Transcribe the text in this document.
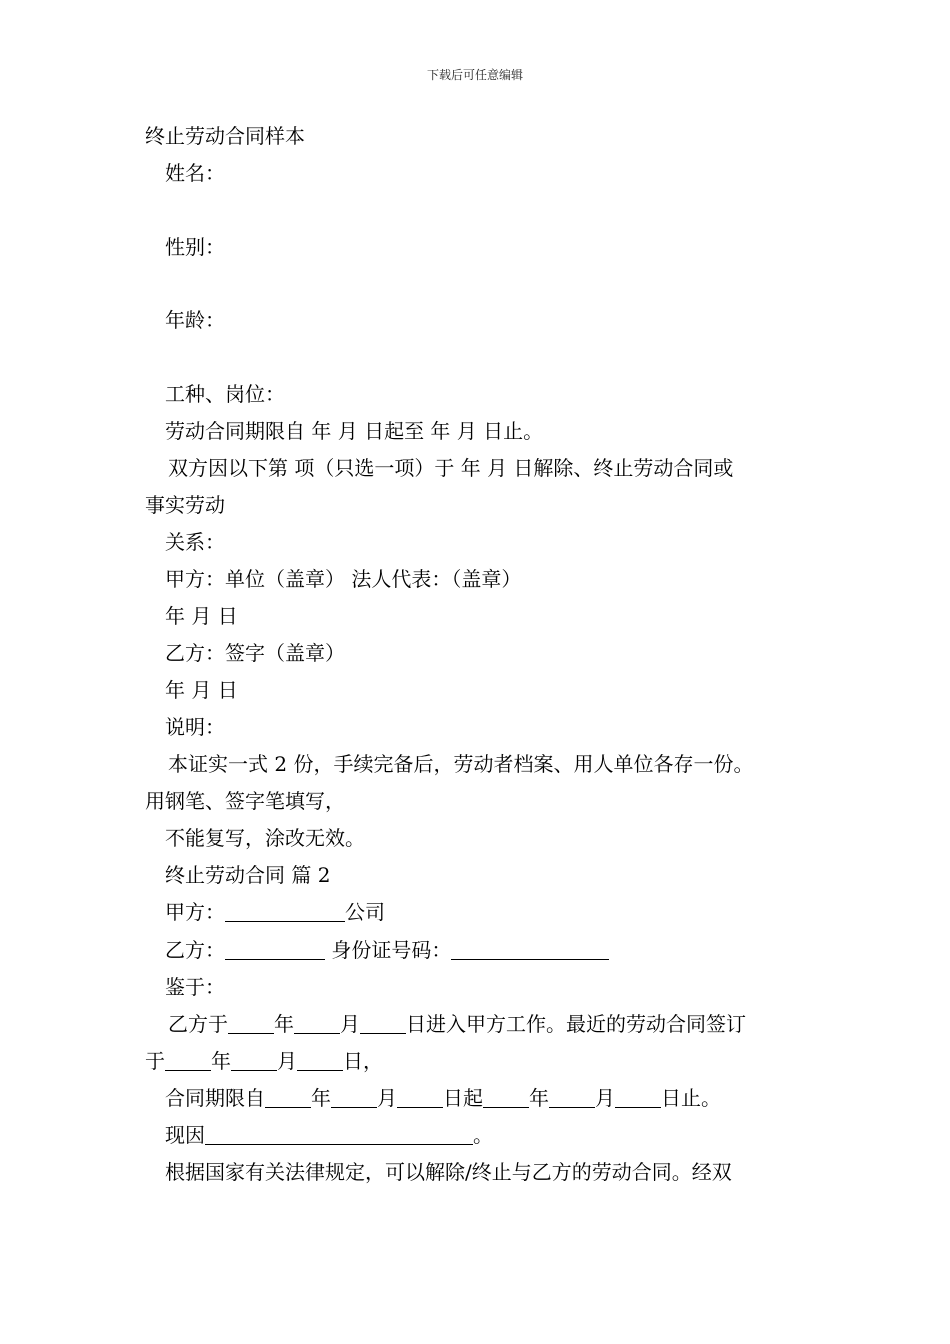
下载后可任意编辑
终止劳动合同样本
姓名：
性别：
年龄：
工种、岗位：
劳动合同期限自 年 月 日起至 年 月 日止。
双方因以下第 项（只选一项）于 年 月 日解除、终止劳动合同或
事实劳动
关系：
甲方：单位（盖章） 法人代表：（盖章）
年 月 日
乙方：签字（盖章）
年 月 日
说明：
本证实一式 2 份，手续完备后，劳动者档案、用人单位各存一份。
用钢笔、签字笔填写，
不能复写，涂改无效。
终止劳动合同 篇 2
甲方：	公司
乙方：	身份证号码：
鉴于：
乙方于 年 月 日进入甲方工作。最近的劳动合同签订
于 年 月 日，
合同期限自 年 月 日起 年 月 日止。
现因	。
根据国家有关法律规定，可以解除/终止与乙方的劳动合同。经双
